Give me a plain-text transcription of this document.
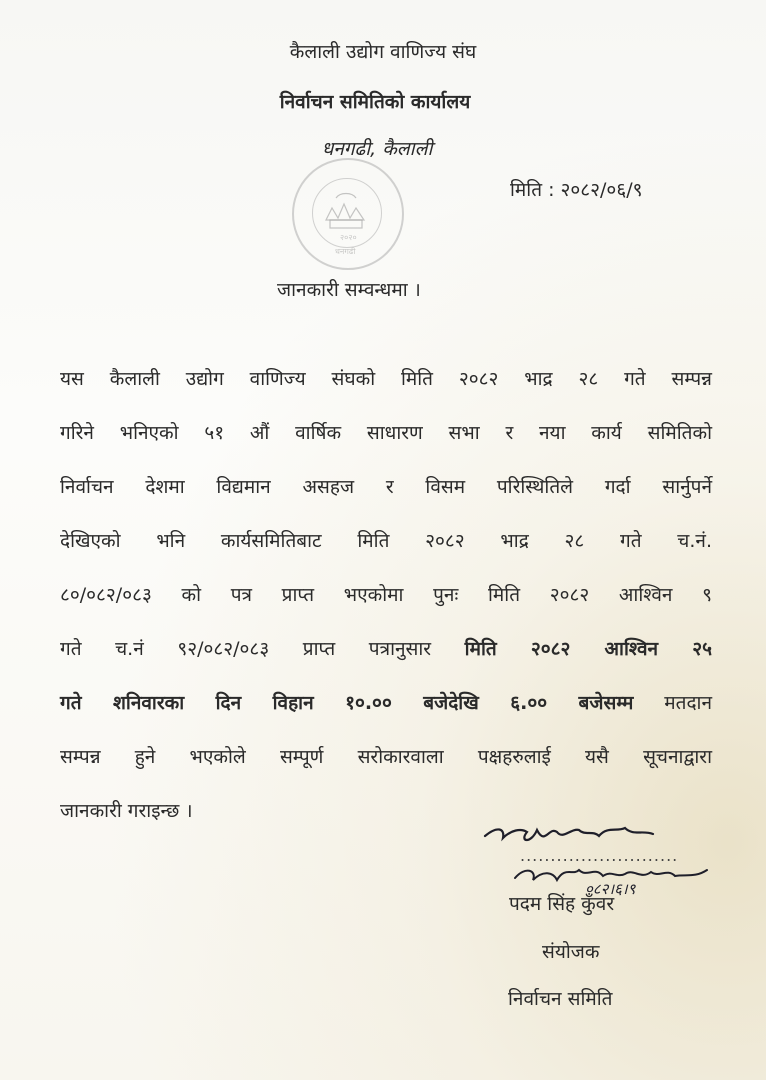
कैलाली उद्योग वाणिज्य संघ
निर्वाचन समितिको कार्यालय
धनगढी, कैलाली
२०२०
धनगढी
मिति : २०८२/०६/९
जानकारी सम्वन्धमा ।
यस कैलाली उद्योग वाणिज्य संघको मिति २०८२ भाद्र २८ गते सम्पन्न
गरिने भनिएको ५१ औं वार्षिक साधारण सभा र नया कार्य समितिको
निर्वाचन देशमा विद्यमान असहज र विसम परिस्थितिले गर्दा सार्नुपर्ने
देखिएको भनि कार्यसमितिबाट मिति २०८२ भाद्र २८ गते च.नं.
८०/०८२/०८३ को पत्र प्राप्त भएकोमा पुनः मिति २०८२ आश्विन ९
गते च.नं ९२/०८२/०८३ प्राप्त पत्रानुसार मिति २०८२ आश्विन २५
गते शनिवारका दिन विहान १०.०० बजेदेखि ६.०० बजेसम्म मतदान
सम्पन्न हुने भएकोले सम्पूर्ण सरोकारवाला पक्षहरुलाई यसै सूचनाद्वारा
जानकारी गराइन्छ ।
०८२।६।९
..........................
पदम सिंह कुँवर
संयोजक
निर्वाचन समिति
